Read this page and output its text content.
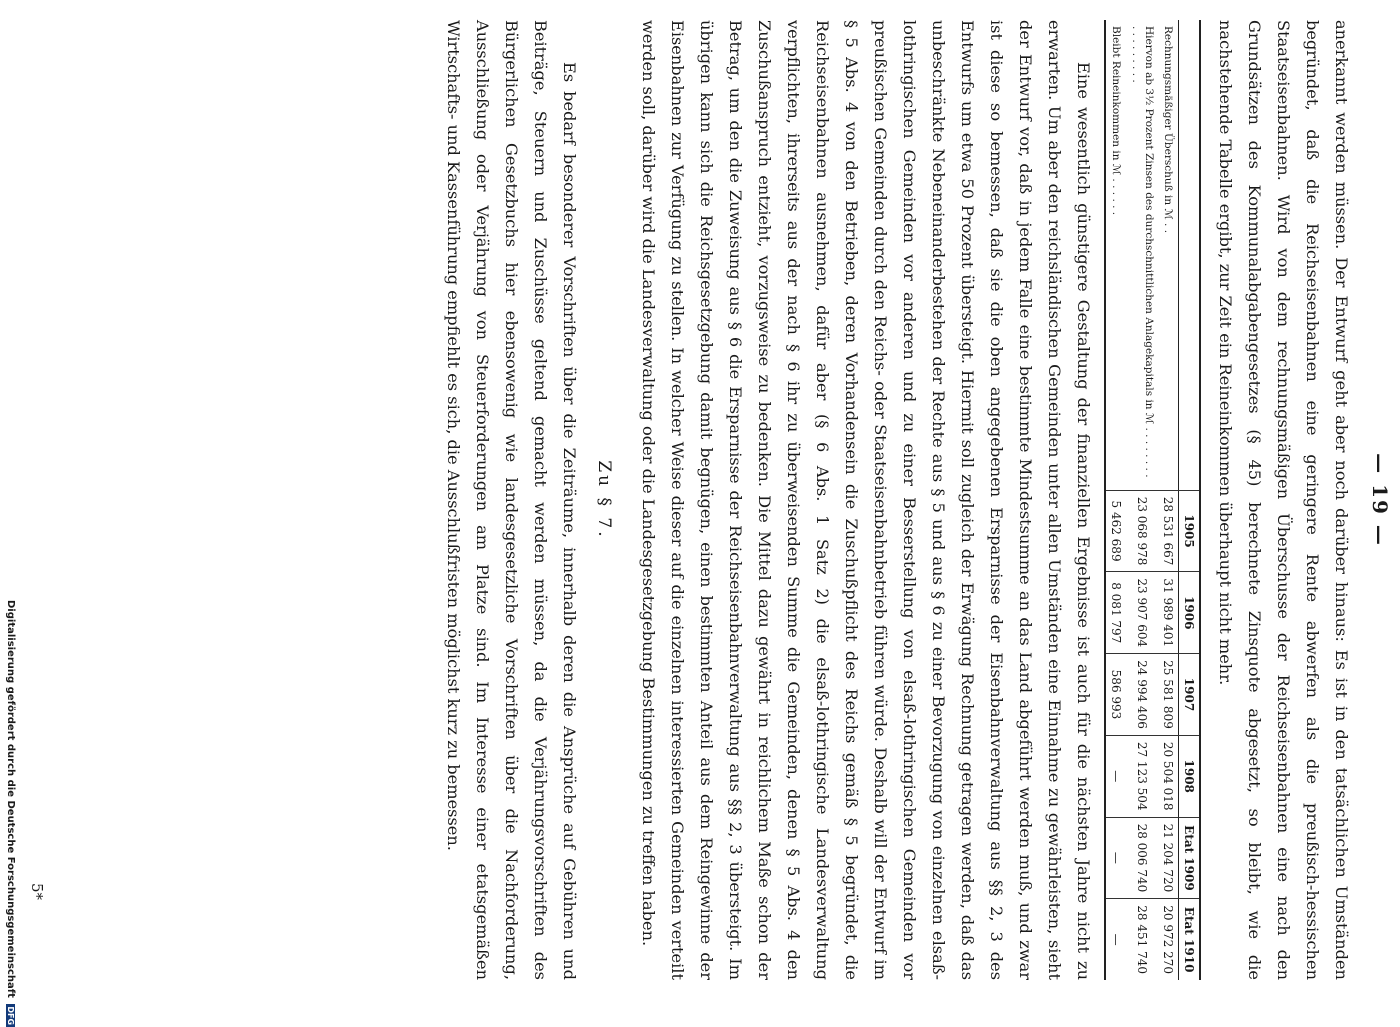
— 19 —

anerkannt werden müssen. Der Entwurf geht aber noch darüber hinaus: Es ist in den tatsächlichen Umständen begründet, daß die Reichseisenbahnen eine geringere Rente abwerfen als die preußisch-hessischen Staatseisenbahnen. Wird von dem rechnungsmäßigen Überschusse der Reichseisenbahnen eine nach den Grundsätzen des Kommunalabgabengesetzes (§ 45) berechnete Zinsquote abgesetzt, so bleibt, wie die nachstehende Tabelle ergibt, zur Zeit ein Reineinkommen überhaupt nicht mehr.

	1905	1906	1907	1908	Etat 1909	Etat 1910
Rechnungsmäßiger Überschuß in ℳ . .	28 531 667	31 989 401	25 581 809	20 504 018	21 204 720	20 972 270
Hiervon ab 3½ Prozent Zinsen des durchschnittlichen Anlagekapitals in ℳ . . . . . . . . . . . . . . . . .	23 068 978	23 907 604	24 994 406	27 123 504	28 006 740	28 451 740
Bleibt Reineinkommen in ℳ . . . . . .	5 462 689	8 081 797	586 993	—	—	—

Eine wesentlich günstigere Gestaltung der finanziellen Ergebnisse ist auch für die nächsten Jahre nicht zu erwarten. Um aber den reichsländischen Gemeinden unter allen Umständen eine Einnahme zu gewährleisten, sieht der Entwurf vor, daß in jedem Falle eine bestimmte Mindestsumme an das Land abgeführt werden muß, und zwar ist diese so bemessen, daß sie die oben angegebenen Ersparnisse der Eisenbahnverwaltung aus §§ 2, 3 des Entwurfs um etwa 50 Prozent übersteigt. Hiermit soll zugleich der Erwägung Rechnung getragen werden, daß das unbeschränkte Nebeneinanderbestehen der Rechte aus § 5 und aus § 6 zu einer Bevorzugung von einzelnen elsaß-lothringischen Gemeinden vor anderen und zu einer Besserstellung von elsaß-lothringischen Gemeinden vor preußischen Gemeinden durch den Reichs- oder Staatseisenbahnbetrieb führen würde. Deshalb will der Entwurf im § 5 Abs. 4 von den Betrieben, deren Vorhandensein die Zuschußpflicht des Reichs gemäß § 5 begründet, die Reichseisenbahnen ausnehmen, dafür aber (§ 6 Abs. 1 Satz 2) die elsaß-lothringische Landesverwaltung verpflichten, ihrerseits aus der nach § 6 ihr zu überweisenden Summe die Gemeinden, denen § 5 Abs. 4 den Zuschußanspruch entzieht, vorzugsweise zu bedenken. Die Mittel dazu gewährt in reichlichem Maße schon der Betrag, um den die Zuweisung aus § 6 die Ersparnisse der Reichseisenbahnverwaltung aus §§ 2, 3 übersteigt. Im übrigen kann sich die Reichsgesetzgebung damit begnügen, einen bestimmten Anteil aus dem Reingewinne der Eisenbahnen zur Verfügung zu stellen. In welcher Weise dieser auf die einzelnen interessierten Gemeinden verteilt werden soll, darüber wird die Landesverwaltung oder die Landesgesetzgebung Bestimmungen zu treffen haben.

Zu § 7.

Es bedarf besonderer Vorschriften über die Zeiträume, innerhalb deren die Ansprüche auf Gebühren und Beiträge, Steuern und Zuschüsse geltend gemacht werden müssen, da die Verjährungsvorschriften des Bürgerlichen Gesetzbuchs hier ebensowenig wie landesgesetzliche Vorschriften über die Nachforderung, Ausschließung oder Verjährung von Steuerforderungen am Platze sind. Im Interesse einer etatsgemäßen Wirtschafts- und Kassenführung empfiehlt es sich, die Ausschlußfristen möglichst kurz zu bemessen.

5*
Digitalisierung gefördert durch die Deutsche Forschungsgemeinschaft DFG
